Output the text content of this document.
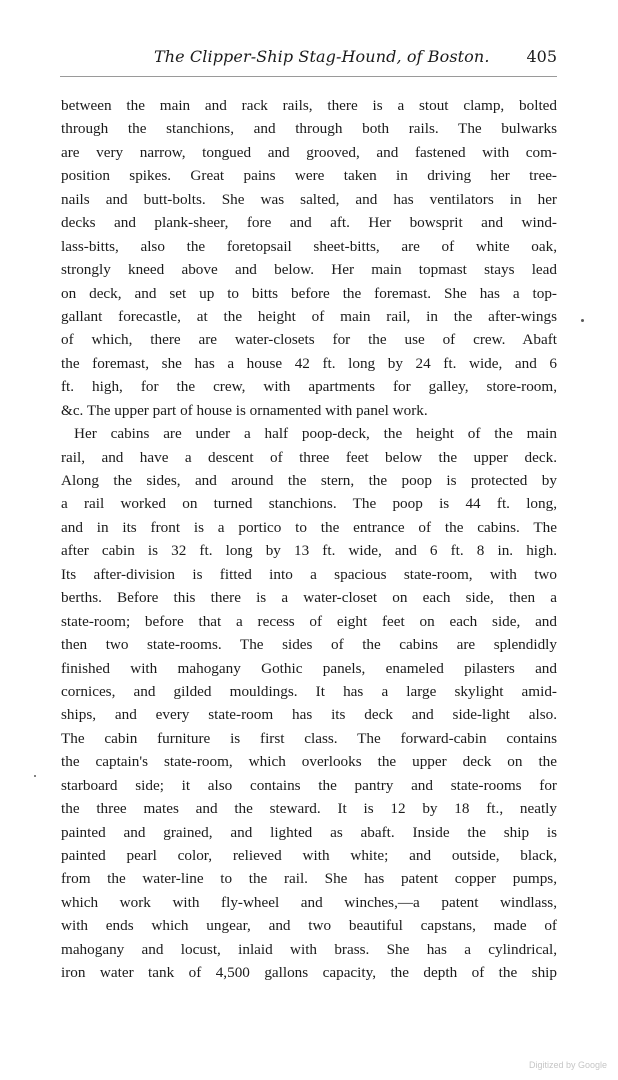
The Clipper-Ship Stag-Hound, of Boston. 405
between the main and rack rails, there is a stout clamp, bolted
through the stanchions, and through both rails. The bulwarks
are very narrow, tongued and grooved, and fastened with com-
position spikes. Great pains were taken in driving her tree-
nails and butt-bolts. She was salted, and has ventilators in her
decks and plank-sheer, fore and aft. Her bowsprit and wind-
lass-bitts, also the foretopsail sheet-bitts, are of white oak,
strongly kneed above and below. Her main topmast stays lead
on deck, and set up to bitts before the foremast. She has a top-
gallant forecastle, at the height of main rail, in the after-wings
of which, there are water-closets for the use of crew. Abaft
the foremast, she has a house 42 ft. long by 24 ft. wide, and 6
ft. high, for the crew, with apartments for galley, store-room,
&c. The upper part of house is ornamented with panel work.
Her cabins are under a half poop-deck, the height of the main
rail, and have a descent of three feet below the upper deck.
Along the sides, and around the stern, the poop is protected by
a rail worked on turned stanchions. The poop is 44 ft. long,
and in its front is a portico to the entrance of the cabins. The
after cabin is 32 ft. long by 13 ft. wide, and 6 ft. 8 in. high.
Its after-division is fitted into a spacious state-room, with two
berths. Before this there is a water-closet on each side, then a
state-room; before that a recess of eight feet on each side, and
then two state-rooms. The sides of the cabins are splendidly
finished with mahogany Gothic panels, enameled pilasters and
cornices, and gilded mouldings. It has a large skylight amid-
ships, and every state-room has its deck and side-light also.
The cabin furniture is first class. The forward-cabin contains
the captain's state-room, which overlooks the upper deck on the
starboard side; it also contains the pantry and state-rooms for
the three mates and the steward. It is 12 by 18 ft., neatly
painted and grained, and lighted as abaft. Inside the ship is
painted pearl color, relieved with white; and outside, black,
from the water-line to the rail. She has patent copper pumps,
which work with fly-wheel and winches,—a patent windlass,
with ends which ungear, and two beautiful capstans, made of
mahogany and locust, inlaid with brass. She has a cylindrical,
iron water tank of 4,500 gallons capacity, the depth of the ship
Digitized by Google
